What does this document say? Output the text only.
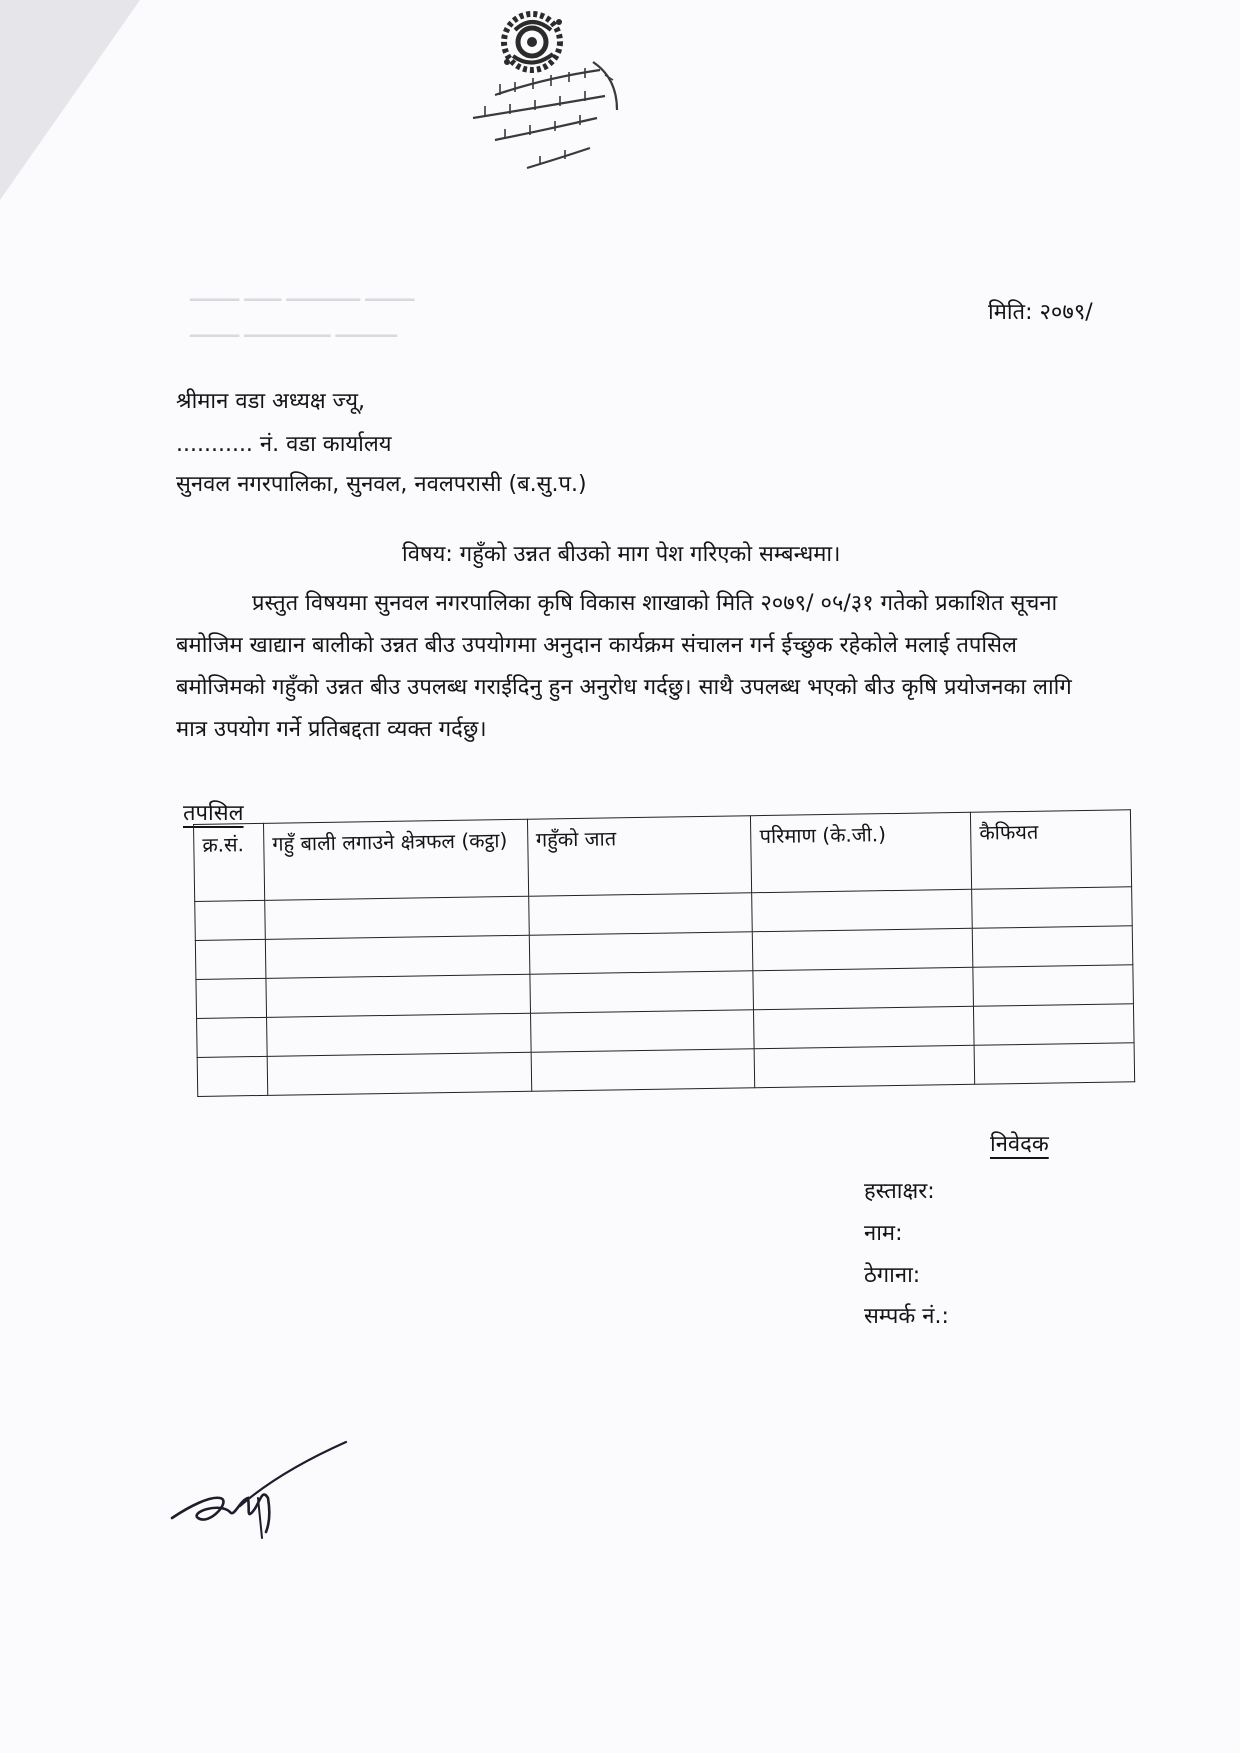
▁▁▁▁ ▁▁▁ ▁▁▁▁▁▁ ▁▁▁▁
▁▁▁▁ ▁▁▁▁▁▁▁ ▁▁▁▁▁
मिति: २०७९/
श्रीमान वडा अध्यक्ष ज्यू,
........... नं. वडा कार्यालय
सुनवल नगरपालिका, सुनवल, नवलपरासी (ब.सु.प.)
विषय: गहुँको उन्नत बीउको माग पेश गरिएको सम्बन्धमा।
प्रस्तुत विषयमा सुनवल नगरपालिका कृषि विकास शाखाको मिति २०७९/ ०५/३१ गतेको प्रकाशित सूचना बमोजिम खाद्यान बालीको उन्नत बीउ उपयोगमा अनुदान कार्यक्रम संचालन गर्न ईच्छुक रहेकोले मलाई तपसिल बमोजिमको गहुँको उन्नत बीउ उपलब्ध गराईदिनु हुन अनुरोध गर्दछु। साथै उपलब्ध भएको बीउ कृषि प्रयोजनका लागि मात्र उपयोग गर्ने प्रतिबद्दता व्यक्त गर्दछु।
तपसिल
क्र.सं.	गहुँ बाली लगाउने क्षेत्रफल (कट्ठा)	गहुँको जात	परिमाण (के.जी.)	कैफियत

निवेदक
हस्ताक्षर:
नाम:
ठेगाना:
सम्पर्क नं.:
